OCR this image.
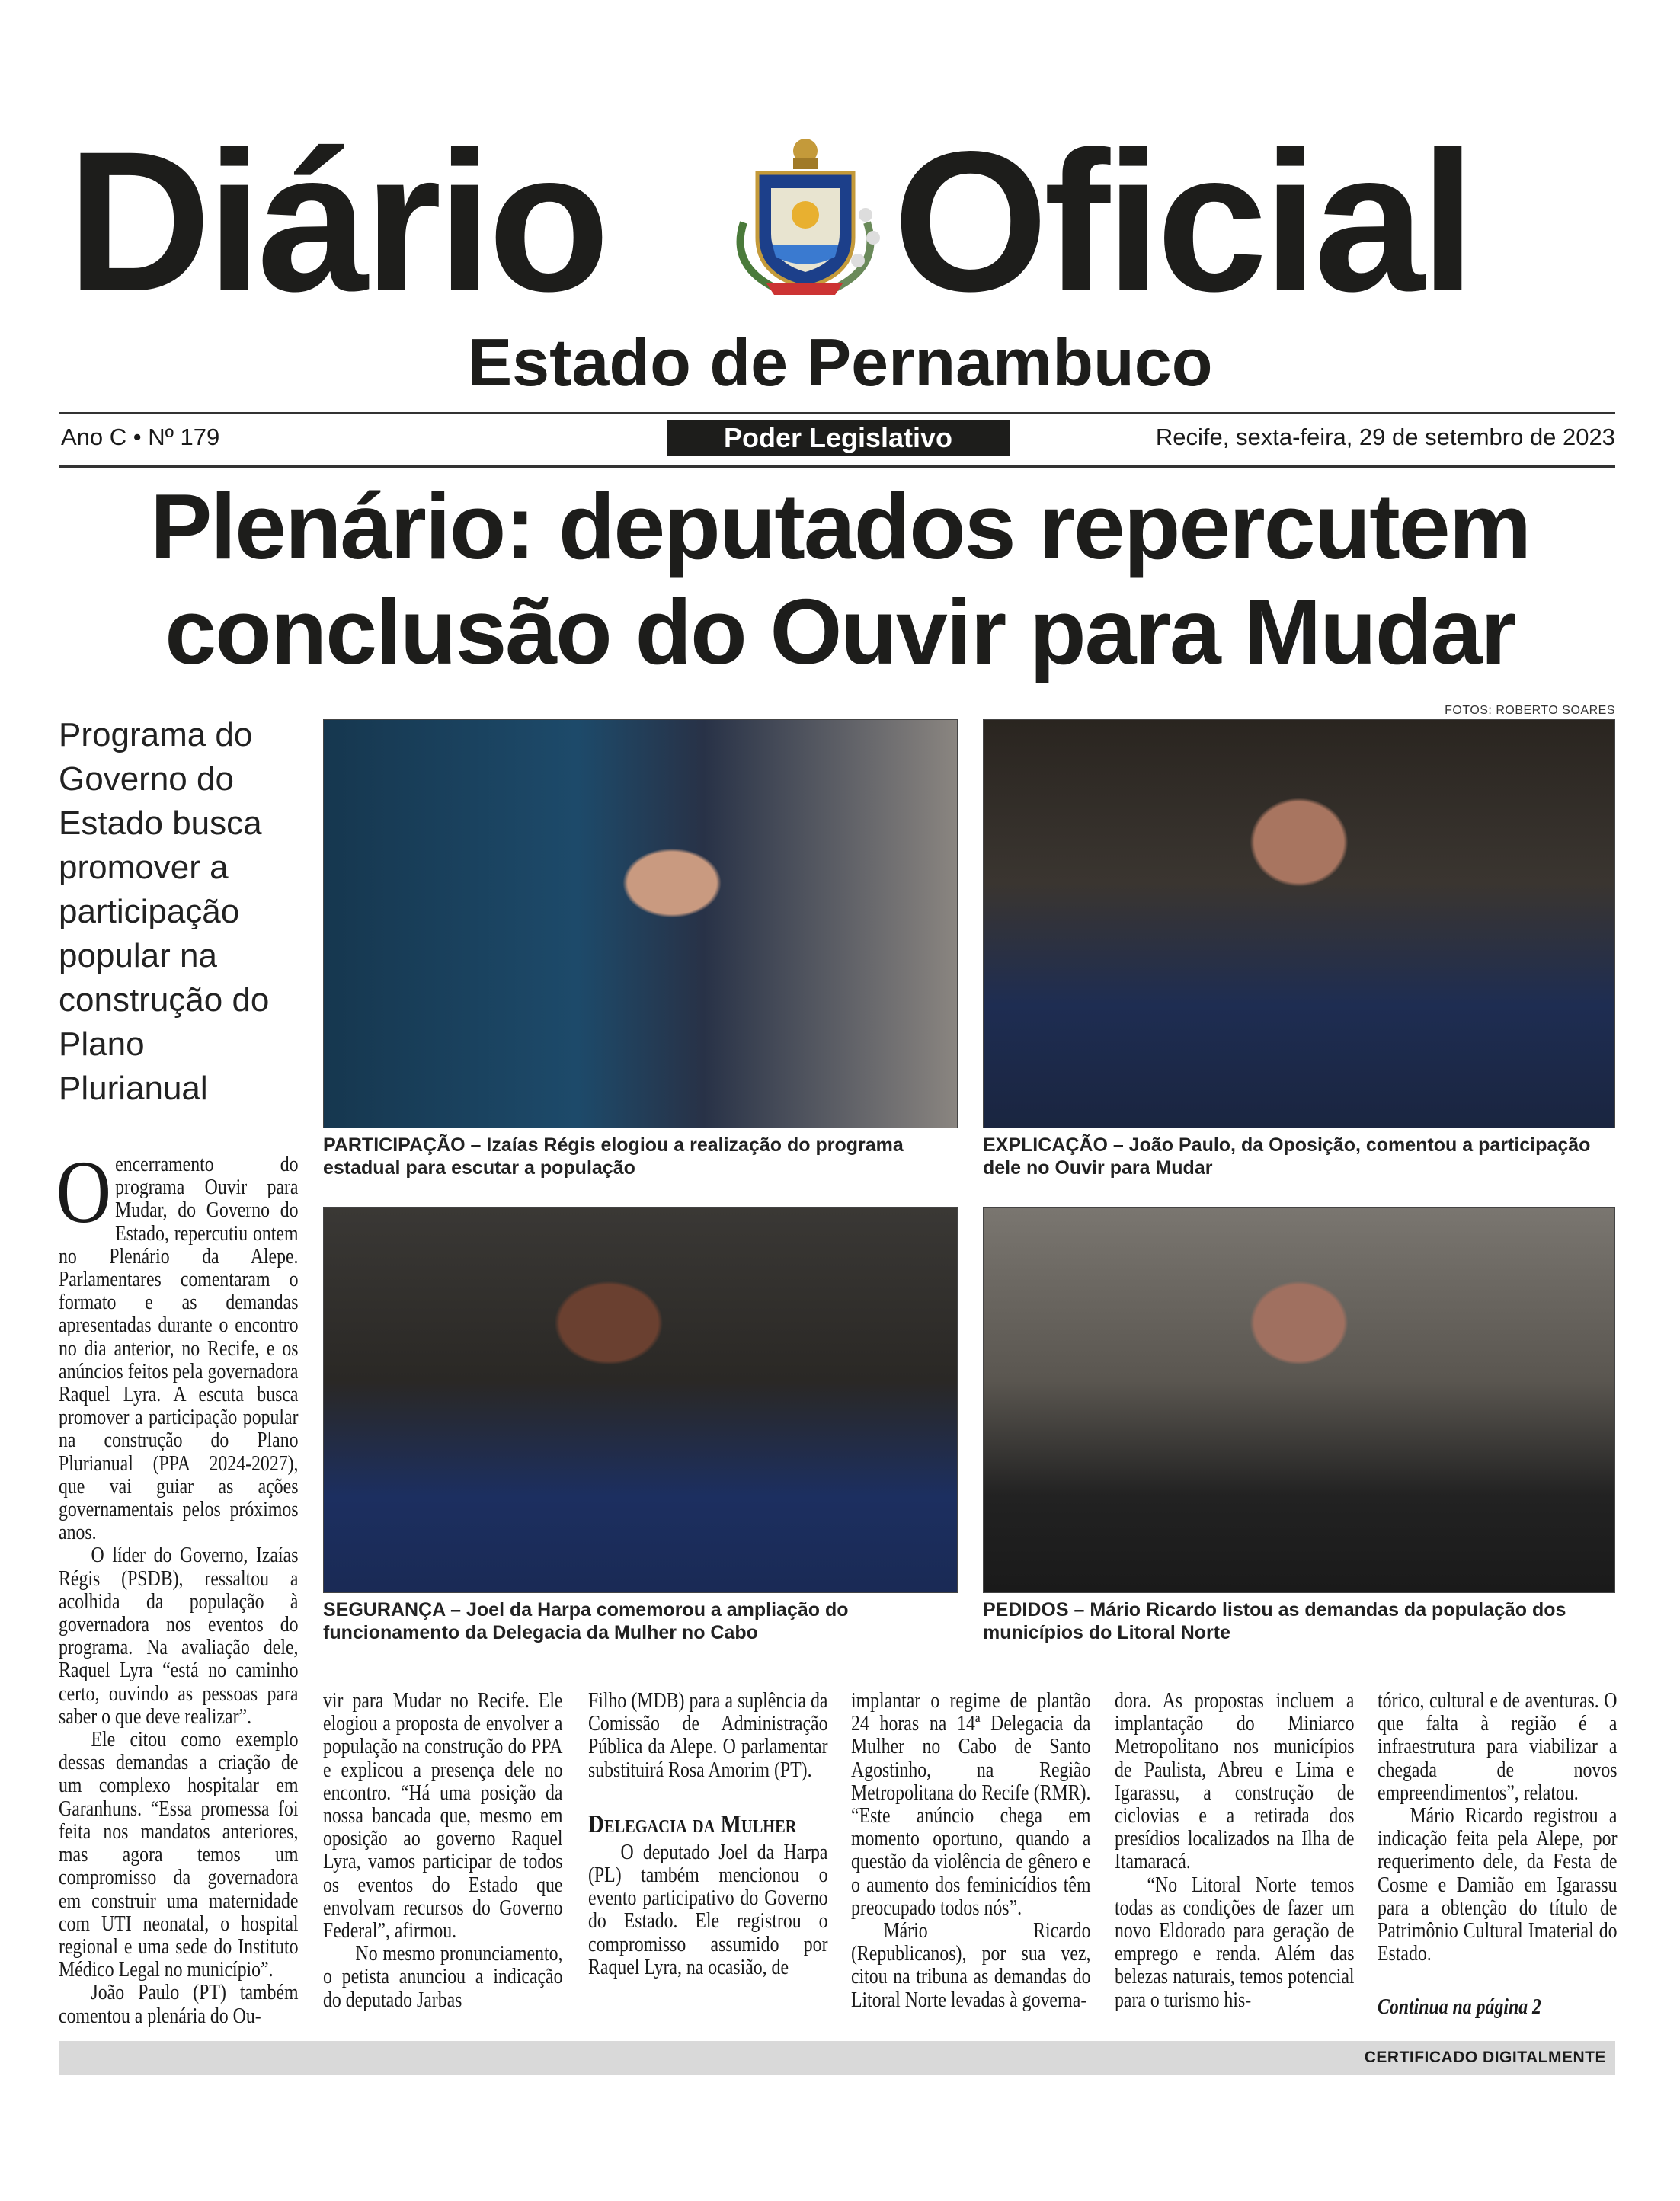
Diário Oficial
Estado de Pernambuco
Ano C • Nº 179	Poder Legislativo	Recife, sexta-feira, 29 de setembro de 2023
Plenário: deputados repercutem
conclusão do Ouvir para Mudar
FOTOS: ROBERTO SOARES
Programa do Governo do Estado busca promover a participação popular na construção do Plano Plurianual
PARTICIPAÇÃO – Izaías Régis elogiou a realização do programa estadual para escutar a população
EXPLICAÇÃO – João Paulo, da Oposição, comentou a participação dele no Ouvir para Mudar
SEGURANÇA – Joel da Harpa comemorou a ampliação do funcionamento da Delegacia da Mulher no Cabo
PEDIDOS – Mário Ricardo listou as demandas da população dos municípios do Litoral Norte

Oencerramento do programa Ouvir para Mudar, do Governo do Estado, repercutiu ontem no Plenário da Alepe. Parlamentares comentaram o formato e as demandas apresentadas durante o encontro no dia anterior, no Recife, e os anúncios feitos pela governadora Raquel Lyra. A escuta busca promover a participação popular na construção do Plano Plurianual (PPA 2024-2027), que vai guiar as ações governamentais pelos próximos anos.

O líder do Governo, Izaías Régis (PSDB), ressaltou a acolhida da população à governadora nos eventos do programa. Na avaliação dele, Raquel Lyra “está no caminho certo, ouvindo as pessoas para saber o que deve realizar”.

Ele citou como exemplo dessas demandas a criação de um complexo hospitalar em Garanhuns. “Essa promessa foi feita nos mandatos anteriores, mas agora temos um compromisso da governadora em construir uma maternidade com UTI neonatal, o hospital regional e uma sede do Instituto Médico Legal no município”.

João Paulo (PT) também comentou a plenária do Ou-

vir para Mudar no Recife. Ele elogiou a proposta de envolver a população na construção do PPA e explicou a presença dele no encontro. “Há uma posição da nossa bancada que, mesmo em oposição ao governo Raquel Lyra, vamos participar de todos os eventos do Estado que envolvam recursos do Governo Federal”, afirmou.

No mesmo pronunciamento, o petista anunciou a indicação do deputado Jarbas

Filho (MDB) para a suplência da Comissão de Administração Pública da Alepe. O parlamentar substituirá Rosa Amorim (PT).

Delegacia da Mulher

O deputado Joel da Harpa (PL) também mencionou o evento participativo do Governo do Estado. Ele registrou o compromisso assumido por Raquel Lyra, na ocasião, de

implantar o regime de plantão 24 horas na 14ª Delegacia da Mulher no Cabo de Santo Agostinho, na Região Metropolitana do Recife (RMR). “Este anúncio chega em momento oportuno, quando a questão da violência de gênero e o aumento dos feminicídios têm preocupado todos nós”.

Mário Ricardo (Republicanos), por sua vez, citou na tribuna as demandas do Litoral Norte levadas à governa-

dora. As propostas incluem a implantação do Miniarco Metropolitano nos municípios de Paulista, Abreu e Lima e Igarassu, a construção de ciclovias e a retirada dos presídios localizados na Ilha de Itamaracá.

“No Litoral Norte temos todas as condições de fazer um novo Eldorado para geração de emprego e renda. Além das belezas naturais, temos potencial para o turismo his-

tórico, cultural e de aventuras. O que falta à região é a infraestrutura para viabilizar a chegada de novos empreendimentos”, relatou.

Mário Ricardo registrou a indicação feita pela Alepe, por requerimento dele, da Festa de Cosme e Damião em Igarassu para a obtenção do título de Patrimônio Cultural Imaterial do Estado.

Continua na página 2

CERTIFICADO DIGITALMENTE
